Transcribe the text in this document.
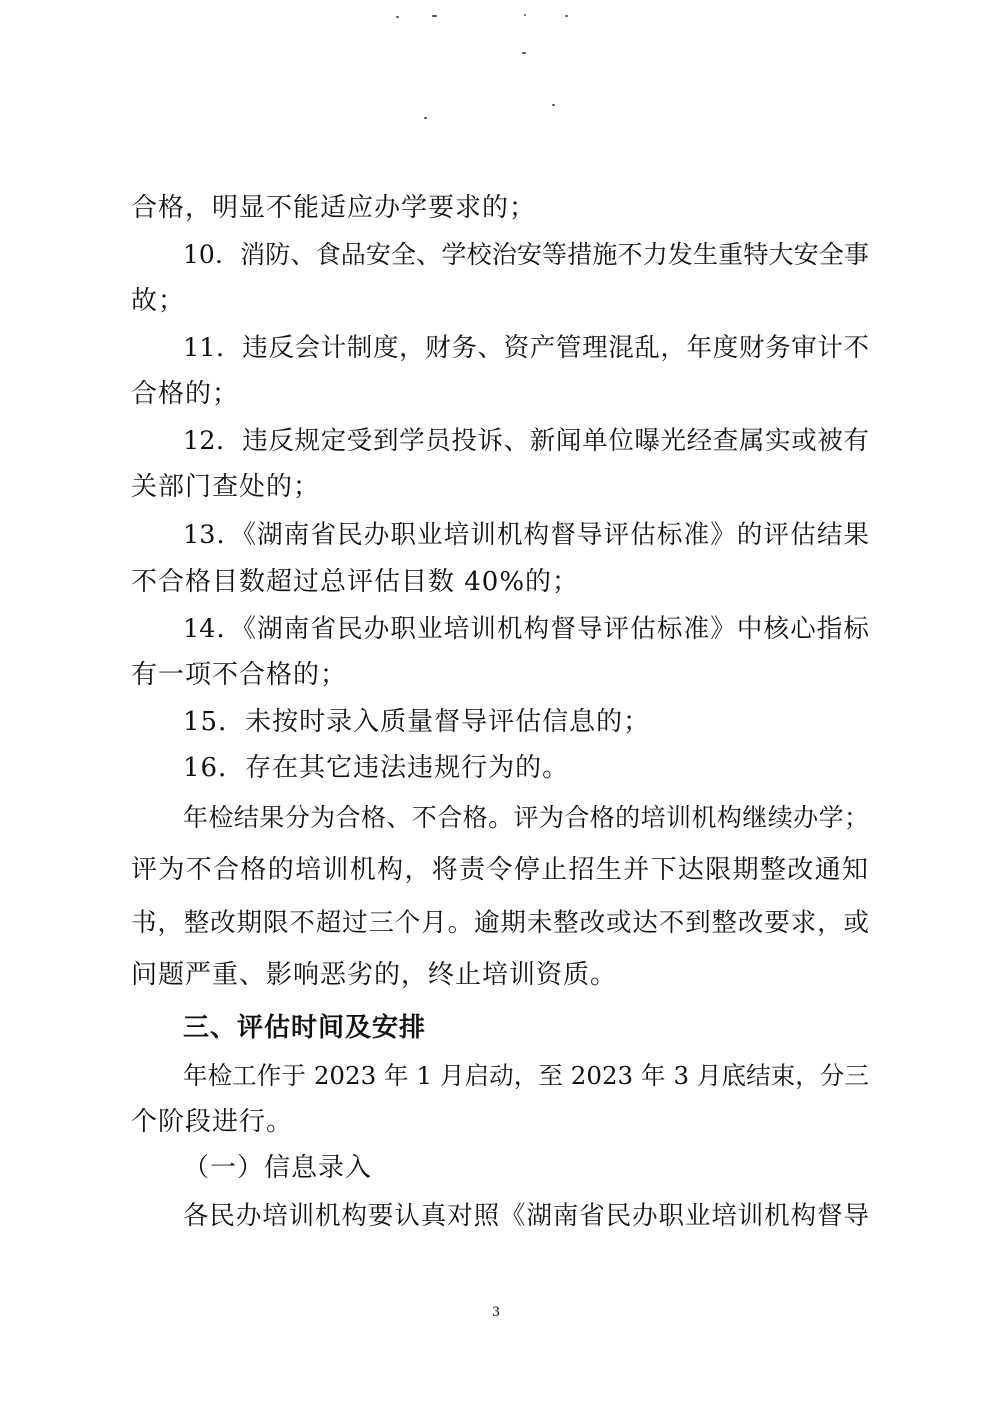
合格，明显不能适应办学要求的；
10．消防、食品安全、学校治安等措施不力发生重特大安全事
故；
11．违反会计制度，财务、资产管理混乱，年度财务审计不
合格的；
12．违反规定受到学员投诉、新闻单位曝光经查属实或被有
关部门查处的；
13．《湖南省民办职业培训机构督导评估标准》的评估结果
不合格目数超过总评估目数 40%的；
14．《湖南省民办职业培训机构督导评估标准》中核心指标
有一项不合格的；
15．未按时录入质量督导评估信息的；
16．存在其它违法违规行为的。
年检结果分为合格、不合格。评为合格的培训机构继续办学；
评为不合格的培训机构，将责令停止招生并下达限期整改通知
书，整改期限不超过三个月。逾期未整改或达不到整改要求，或
问题严重、影响恶劣的，终止培训资质。
三、评估时间及安排
年检工作于 2023 年 1 月启动，至 2023 年 3 月底结束，分三
个阶段进行。
（一）信息录入
各民办培训机构要认真对照《湖南省民办职业培训机构督导
3
